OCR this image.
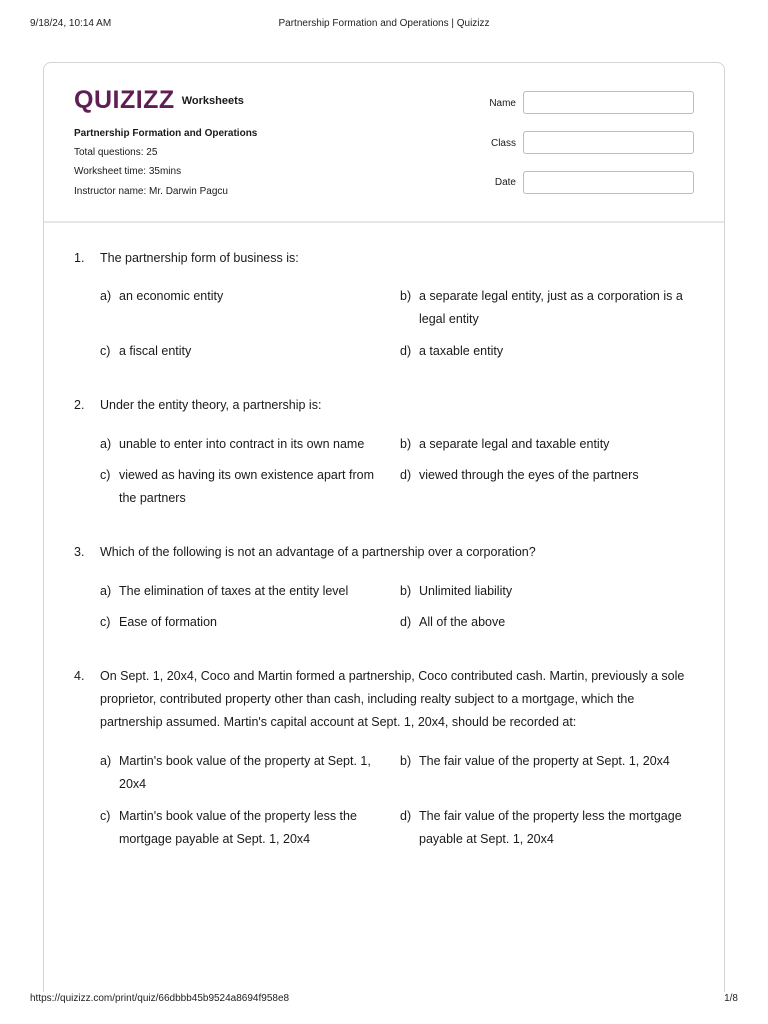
9/18/24, 10:14 AM	Partnership Formation and Operations | Quizizz
QUIZIZZ Worksheets
Partnership Formation and Operations
Total questions: 25
Worksheet time: 35mins
Instructor name: Mr. Darwin Pagcu
Name
Class
Date
1.	The partnership form of business is:
a) an economic entity	b) a separate legal entity, just as a corporation is a legal entity
c) a fiscal entity	d) a taxable entity
2.	Under the entity theory, a partnership is:
a) unable to enter into contract in its own name	b) a separate legal and taxable entity
c) viewed as having its own existence apart from the partners
d) viewed through the eyes of the partners
3.	Which of the following is not an advantage of a partnership over a corporation?
a) The elimination of taxes at the entity level	b) Unlimited liability
c) Ease of formation	d) All of the above
4.	On Sept. 1, 20x4, Coco and Martin formed a partnership, Coco contributed cash. Martin, previously a sole proprietor, contributed property other than cash, including realty subject to a mortgage, which the partnership assumed. Martin's capital account at Sept. 1, 20x4, should be recorded at:
a) Martin's book value of the property at Sept. 1, 20x4
b) The fair value of the property at Sept. 1, 20x4
c) Martin's book value of the property less the mortgage payable at Sept. 1, 20x4
d) The fair value of the property less the mortgage payable at Sept. 1, 20x4
https://quizizz.com/print/quiz/66dbbb45b9524a8694f958e8	1/8
